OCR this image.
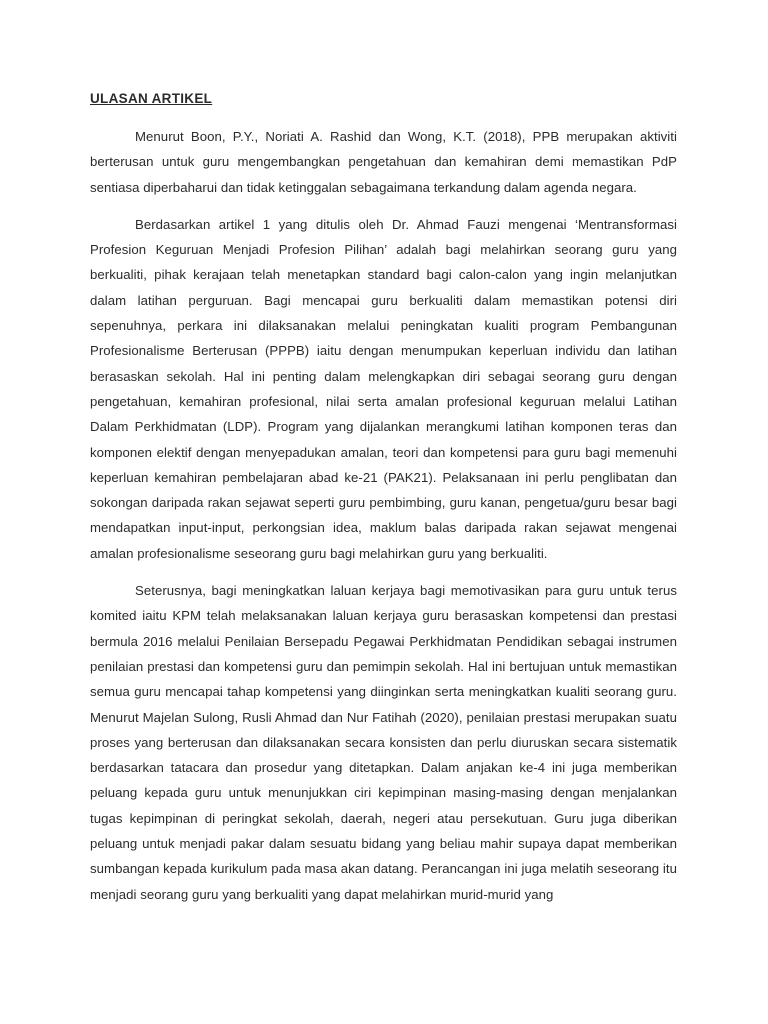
ULASAN ARTIKEL

Menurut Boon, P.Y., Noriati A. Rashid dan Wong, K.T. (2018), PPB merupakan aktiviti berterusan untuk guru mengembangkan pengetahuan dan kemahiran demi memastikan PdP sentiasa diperbaharui dan tidak ketinggalan sebagaimana terkandung dalam agenda negara.

Berdasarkan artikel 1 yang ditulis oleh Dr. Ahmad Fauzi mengenai ‘Mentransformasi Profesion Keguruan Menjadi Profesion Pilihan’ adalah bagi melahirkan seorang guru yang berkualiti, pihak kerajaan telah menetapkan standard bagi calon-calon yang ingin melanjutkan dalam latihan perguruan. Bagi mencapai guru berkualiti dalam memastikan potensi diri sepenuhnya, perkara ini dilaksanakan melalui peningkatan kualiti program Pembangunan Profesionalisme Berterusan (PPPB) iaitu dengan menumpukan keperluan individu dan latihan berasaskan sekolah. Hal ini penting dalam melengkapkan diri sebagai seorang guru dengan pengetahuan, kemahiran profesional, nilai serta amalan profesional keguruan melalui Latihan Dalam Perkhidmatan (LDP). Program yang dijalankan merangkumi latihan komponen teras dan komponen elektif dengan menyepadukan amalan, teori dan kompetensi para guru bagi memenuhi keperluan kemahiran pembelajaran abad ke-21 (PAK21). Pelaksanaan ini perlu penglibatan dan sokongan daripada rakan sejawat seperti guru pembimbing, guru kanan, pengetua/guru besar bagi mendapatkan input-input, perkongsian idea, maklum balas daripada rakan sejawat mengenai amalan profesionalisme seseorang guru bagi melahirkan guru yang berkualiti.

Seterusnya, bagi meningkatkan laluan kerjaya bagi memotivasikan para guru untuk terus komited iaitu KPM telah melaksanakan laluan kerjaya guru berasaskan kompetensi dan prestasi bermula 2016 melalui Penilaian Bersepadu Pegawai Perkhidmatan Pendidikan sebagai instrumen penilaian prestasi dan kompetensi guru dan pemimpin sekolah. Hal ini bertujuan untuk memastikan semua guru mencapai tahap kompetensi yang diinginkan serta meningkatkan kualiti seorang guru. Menurut Majelan Sulong, Rusli Ahmad dan Nur Fatihah (2020), penilaian prestasi merupakan suatu proses yang berterusan dan dilaksanakan secara konsisten dan perlu diuruskan secara sistematik berdasarkan tatacara dan prosedur yang ditetapkan. Dalam anjakan ke-4 ini juga memberikan peluang kepada guru untuk menunjukkan ciri kepimpinan masing-masing dengan menjalankan tugas kepimpinan di peringkat sekolah, daerah, negeri atau persekutuan. Guru juga diberikan peluang untuk menjadi pakar dalam sesuatu bidang yang beliau mahir supaya dapat memberikan sumbangan kepada kurikulum pada masa akan datang. Perancangan ini juga melatih seseorang itu menjadi seorang guru yang berkualiti yang dapat melahirkan murid-murid yang
